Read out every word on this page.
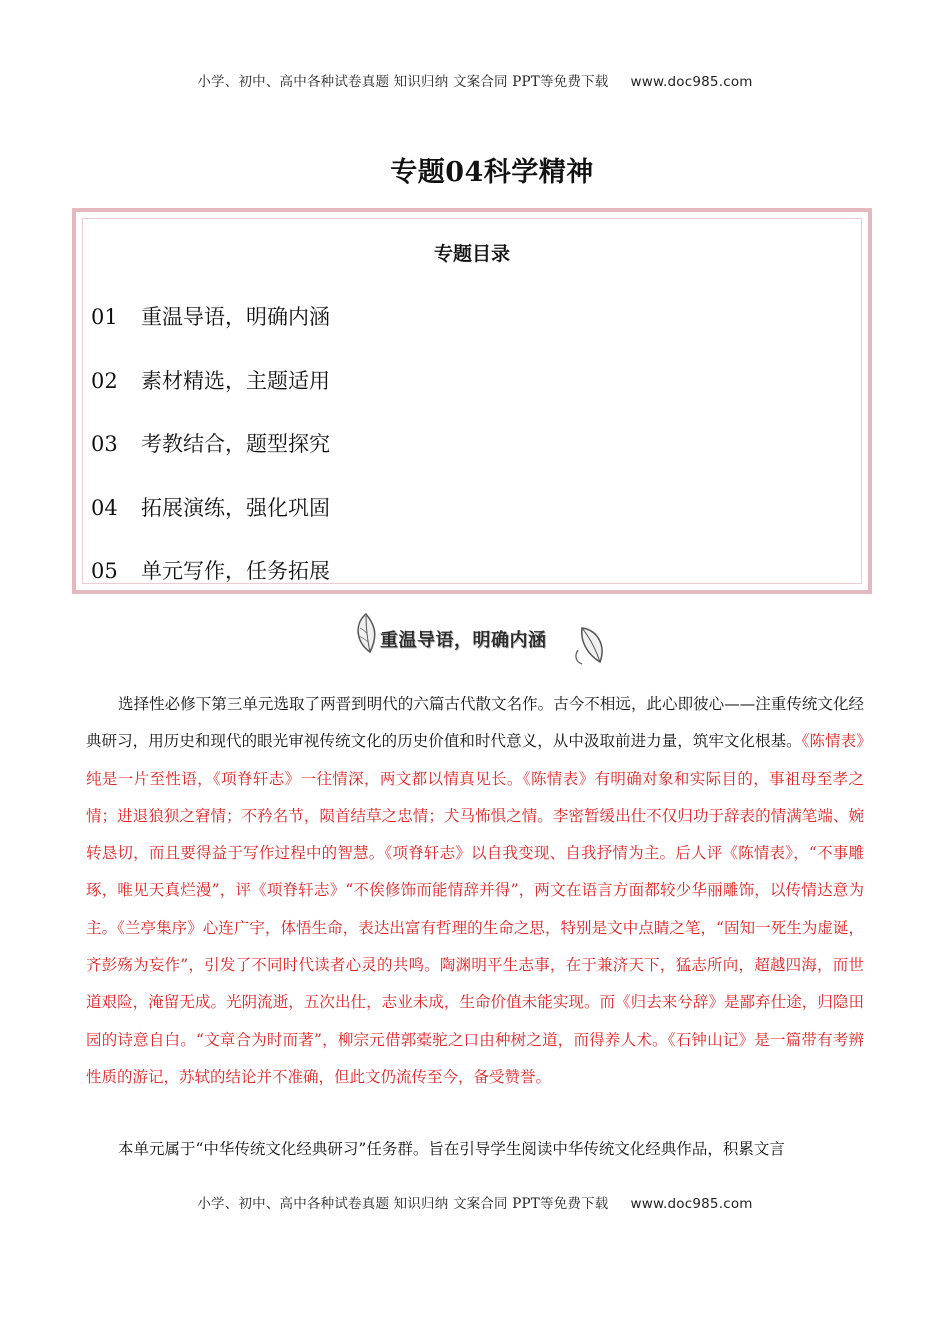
小学、初中、高中各种试卷真题 知识归纳 文案合同 PPT等免费下载 www.doc985.com
专题04科学精神
专题目录
01 重温导语，明确内涵
02 素材精选，主题适用
03 考教结合，题型探究
04 拓展演练，强化巩固
05 单元写作，任务拓展
重温导语，明确内涵
选择性必修下第三单元选取了两晋到明代的六篇古代散文名作。古今不相远，此心即彼心——注重传统文化经典研习，用历史和现代的眼光审视传统文化的历史价值和时代意义，从中汲取前进力量，筑牢文化根基。《陈情表》纯是一片至性语，《项脊轩志》一往情深，两文都以情真见长。《陈情表》有明确对象和实际目的，事祖母至孝之情；进退狼狈之窘情；不矜名节，陨首结草之忠情；犬马怖惧之情。李密暂缓出仕不仅归功于辞表的情满笔端、婉转恳切，而且要得益于写作过程中的智慧。《项脊轩志》以自我变现、自我抒情为主。后人评《陈情表》，“不事雕琢，唯见天真烂漫”，评《项脊轩志》“不俟修饰而能情辞并得”，两文在语言方面都较少华丽雕饰，以传情达意为主。《兰亭集序》心连广宇，体悟生命，表达出富有哲理的生命之思，特别是文中点睛之笔，“固知一死生为虚诞，齐彭殇为妄作”，引发了不同时代读者心灵的共鸣。陶渊明平生志事，在于兼济天下，猛志所向，超越四海，而世道艰险，淹留无成。光阴流逝，五次出仕，志业未成，生命价值未能实现。而《归去来兮辞》是鄙弃仕途，归隐田园的诗意自白。“文章合为时而著”，柳宗元借郭橐驼之口由种树之道，而得养人术。《石钟山记》是一篇带有考辨性质的游记，苏轼的结论并不准确，但此文仍流传至今，备受赞誉。
本单元属于“中华传统文化经典研习”任务群。旨在引导学生阅读中华传统文化经典作品，积累文言
小学、初中、高中各种试卷真题 知识归纳 文案合同 PPT等免费下载 www.doc985.com
